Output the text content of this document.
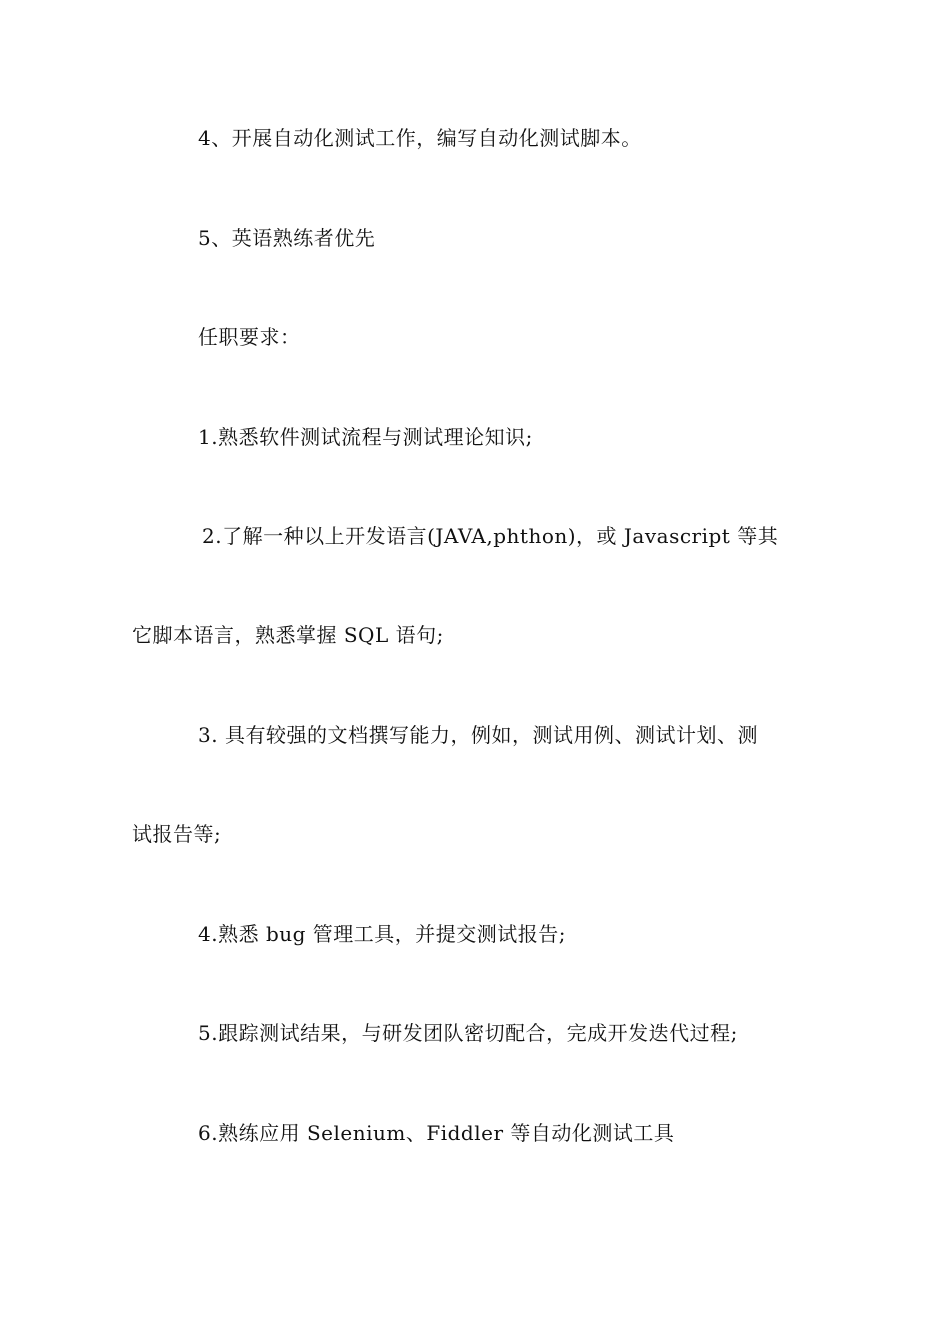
4、开展自动化测试工作，编写自动化测试脚本。
5、英语熟练者优先
任职要求：
1.熟悉软件测试流程与测试理论知识;
2.了解一种以上开发语言(JAVA,phthon)，或 Javascript 等其
它脚本语言，熟悉掌握 SQL 语句;
3. 具有较强的文档撰写能力，例如，测试用例、测试计划、测
试报告等;
4.熟悉 bug 管理工具，并提交测试报告;
5.跟踪测试结果，与研发团队密切配合，完成开发迭代过程;
6.熟练应用 Selenium、Fiddler 等自动化测试工具
